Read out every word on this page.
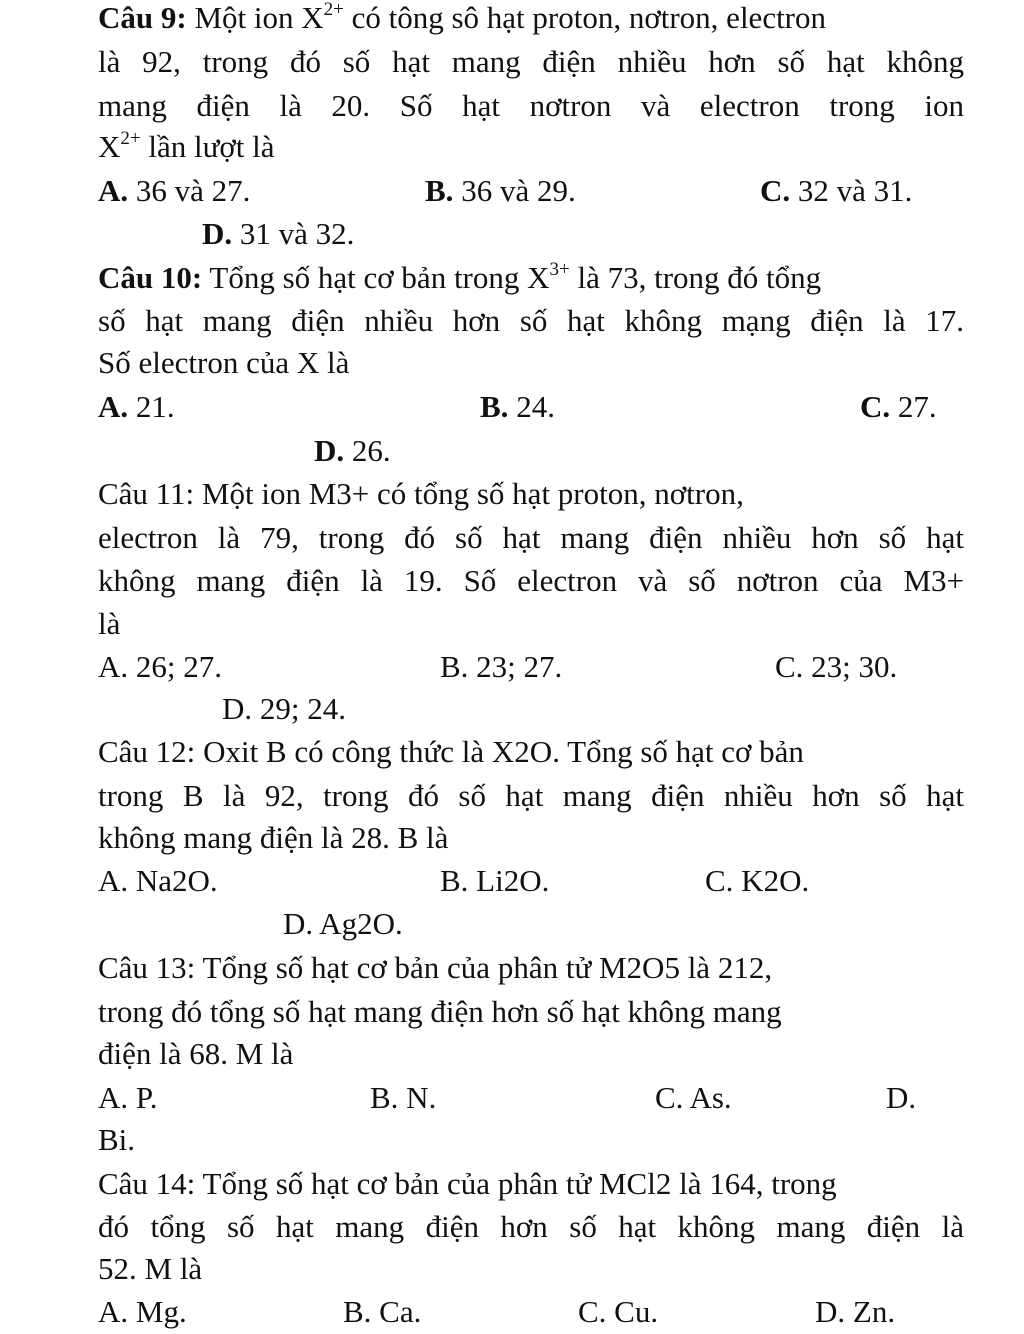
Câu 9: Một ion $X^{2+}$ có tông sô hạt proton, nơtron, electron
là 92, trong đó số hạt mang điện nhiều hơn số hạt không
mang điện là 20. Số hạt nơtron và electron trong ion
$X^{2+}$ lần lượt là
A. 36 và 27.	B. 36 và 29.	C. 32 và 31.
D. 31 và 32.
Câu 10: Tổng số hạt cơ bản trong $X^{3+}$ là 73, trong đó tổng
số hạt mang điện nhiều hơn số hạt không mạng điện là 17.
Số electron của X là
A. 21.	B. 24.	C. 27.
D. 26.
Câu 11: Một ion M3+ có tổng số hạt proton, nơtron,
electron là 79, trong đó số hạt mang điện nhiều hơn số hạt
không mang điện là 19. Số electron và số nơtron của M3+
là
A. 26; 27.	B. 23; 27.	C. 23; 30.
D. 29; 24.
Câu 12: Oxit B có công thức là X2O. Tổng số hạt cơ bản
trong B là 92, trong đó số hạt mang điện nhiều hơn số hạt
không mang điện là 28. B là
A. Na2O.	B. Li2O.	C. K2O.
D. Ag2O.
Câu 13: Tổng số hạt cơ bản của phân tử M2O5 là 212,
trong đó tổng số hạt mang điện hơn số hạt không mang
điện là 68. M là
A. P.	B. N.	C. As.	D.
Bi.
Câu 14: Tổng số hạt cơ bản của phân tử MCl2 là 164, trong
đó tổng số hạt mang điện hơn số hạt không mang điện là
52. M là
A. Mg.	B. Ca.	C. Cu.	D. Zn.
